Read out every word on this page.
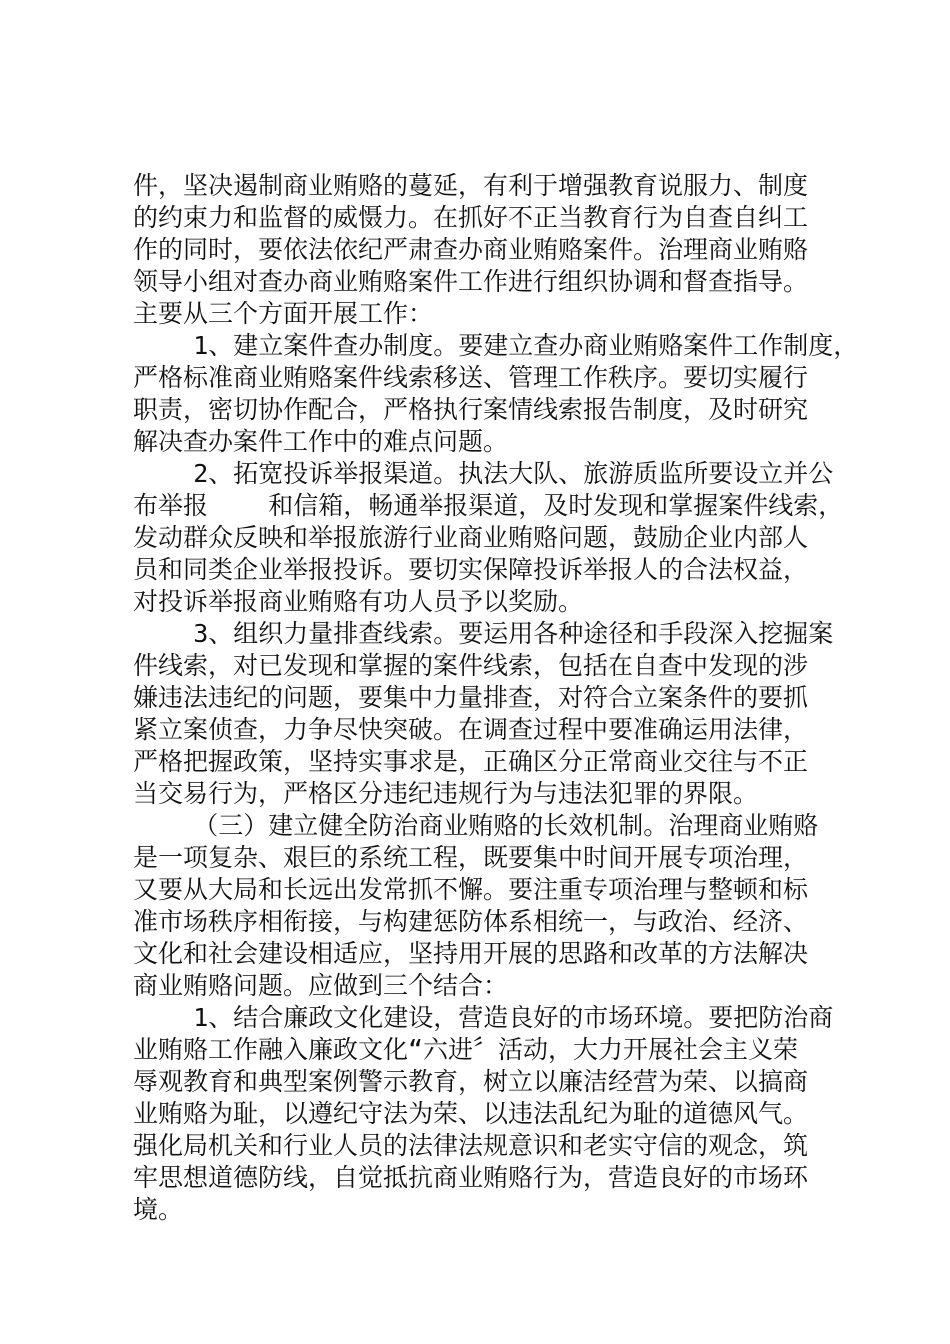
件，坚决遏制商业贿赂的蔓延，有利于增强教育说服力、制度
的约束力和监督的威慑力。在抓好不正当教育行为自查自纠工
作的同时，要依法依纪严肃查办商业贿赂案件。治理商业贿赂
领导小组对查办商业贿赂案件工作进行组织协调和督查指导。
主要从三个方面开展工作：
1、建立案件查办制度。要建立查办商业贿赂案件工作制度，
严格标准商业贿赂案件线索移送、管理工作秩序。要切实履行
职责，密切协作配合，严格执行案情线索报告制度，及时研究
解决查办案件工作中的难点问题。
2、拓宽投诉举报渠道。执法大队、旅游质监所要设立并公
布举报    和信箱，畅通举报渠道，及时发现和掌握案件线索，
发动群众反映和举报旅游行业商业贿赂问题，鼓励企业内部人
员和同类企业举报投诉。要切实保障投诉举报人的合法权益，
对投诉举报商业贿赂有功人员予以奖励。
3、组织力量排查线索。要运用各种途径和手段深入挖掘案
件线索，对已发现和掌握的案件线索，包括在自查中发现的涉
嫌违法违纪的问题，要集中力量排查，对符合立案条件的要抓
紧立案侦查，力争尽快突破。在调查过程中要准确运用法律，
严格把握政策，坚持实事求是，正确区分正常商业交往与不正
当交易行为，严格区分违纪违规行为与违法犯罪的界限。
（三）建立健全防治商业贿赂的长效机制。治理商业贿赂
是一项复杂、艰巨的系统工程，既要集中时间开展专项治理，
又要从大局和长远出发常抓不懈。要注重专项治理与整顿和标
准市场秩序相衔接，与构建惩防体系相统一，与政治、经济、
文化和社会建设相适应，坚持用开展的思路和改革的方法解决
商业贿赂问题。应做到三个结合：
1、结合廉政文化建设，营造良好的市场环境。要把防治商
业贿赂工作融入廉政文化“六进〞活动，大力开展社会主义荣
辱观教育和典型案例警示教育，树立以廉洁经营为荣、以搞商
业贿赂为耻，以遵纪守法为荣、以违法乱纪为耻的道德风气。
强化局机关和行业人员的法律法规意识和老实守信的观念，筑
牢思想道德防线，自觉抵抗商业贿赂行为，营造良好的市场环
境。
